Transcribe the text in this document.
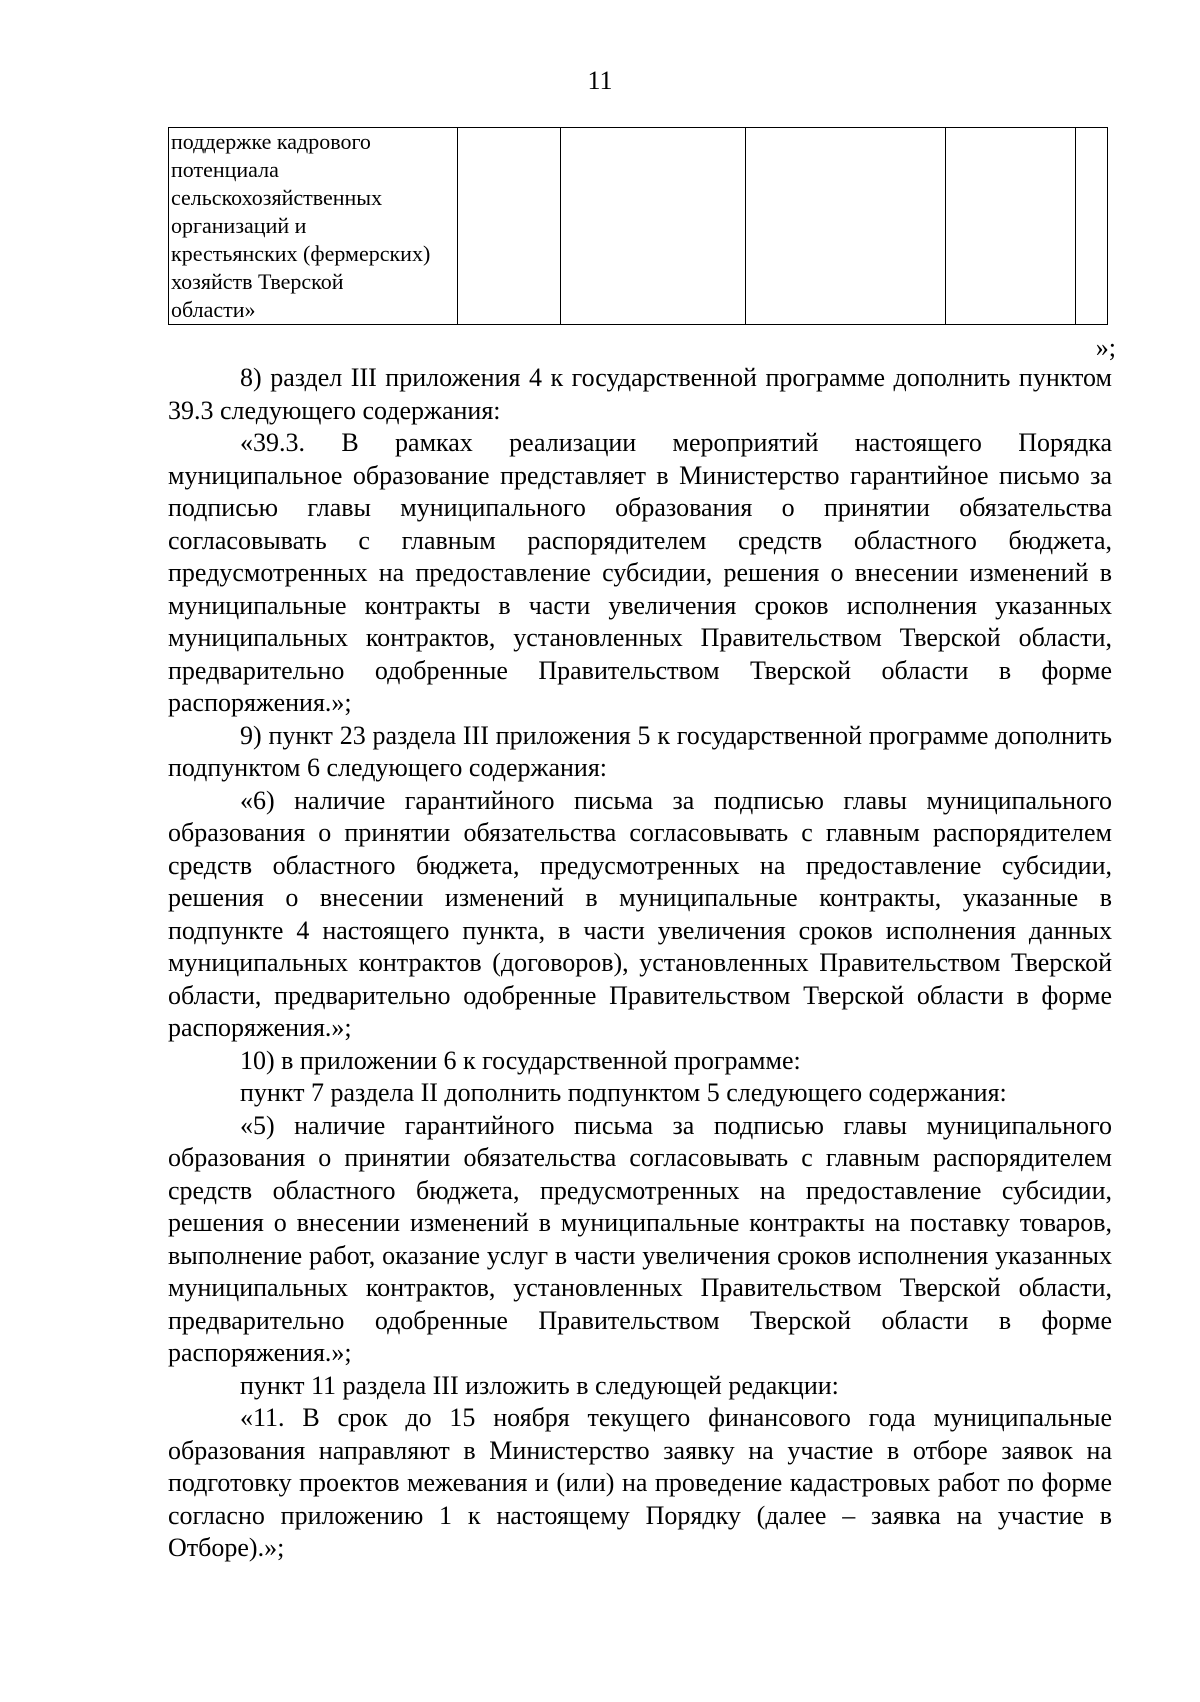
11
поддержке кадрового
потенциала
сельскохозяйственных
организаций и
крестьянских (фермерских)
хозяйств Тверской
области»

»;

8) раздел III приложения 4 к государственной программе дополнить пунктом 39.3 следующего содержания:

«39.3. В рамках реализации мероприятий настоящего Порядка муниципальное образование представляет в Министерство гарантийное письмо за подписью главы муниципального образования о принятии обязательства согласовывать с главным распорядителем средств областного бюджета, предусмотренных на предоставление субсидии, решения о внесении изменений в муниципальные контракты в части увеличения сроков исполнения указанных муниципальных контрактов, установленных Правительством Тверской области, предварительно одобренные Правительством Тверской области в форме распоряжения.»;

9) пункт 23 раздела III приложения 5 к государственной программе дополнить подпунктом 6 следующего содержания:

«6) наличие гарантийного письма за подписью главы муниципального образования о принятии обязательства согласовывать с главным распорядителем средств областного бюджета, предусмотренных на предоставление субсидии, решения о внесении изменений в муниципальные контракты, указанные в подпункте 4 настоящего пункта, в части увеличения сроков исполнения данных муниципальных контрактов (договоров), установленных Правительством Тверской области, предварительно одобренные Правительством Тверской области в форме распоряжения.»;

10) в приложении 6 к государственной программе:

пункт 7 раздела II дополнить подпунктом 5 следующего содержания:

«5) наличие гарантийного письма за подписью главы муниципального образования о принятии обязательства согласовывать с главным распорядителем средств областного бюджета, предусмотренных на предоставление субсидии, решения о внесении изменений в муниципальные контракты на поставку товаров, выполнение работ, оказание услуг в части увеличения сроков исполнения указанных муниципальных контрактов, установленных Правительством Тверской области, предварительно одобренные Правительством Тверской области в форме распоряжения.»;

пункт 11 раздела III изложить в следующей редакции:

«11. В срок до 15 ноября текущего финансового года муниципальные образования направляют в Министерство заявку на участие в отборе заявок на подготовку проектов межевания и (или) на проведение кадастровых работ по форме согласно приложению 1 к настоящему Порядку (далее – заявка на участие в Отборе).»;
